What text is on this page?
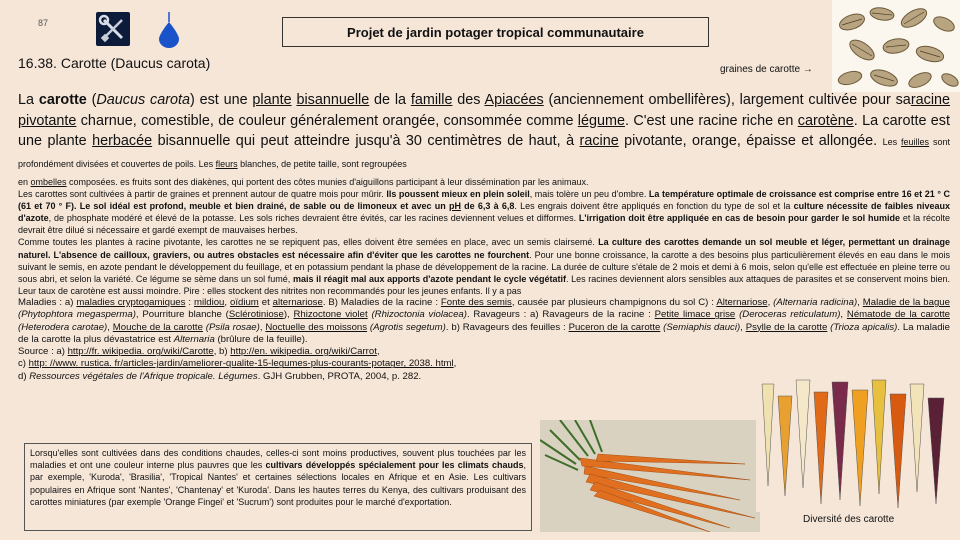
87
Projet de jardin potager tropical communautaire
16.38. Carotte (Daucus carota)	graines de carotte →
La carotte (Daucus carota) est une plante bisannuelle de la famille des Apiacées (anciennement ombellifères), largement cultivée pour saracine pivotante charnue, comestible, de couleur généralement orangée, consommée comme légume. C'est une racine riche en carotène. La carotte est une plante herbacée bisannuelle qui peut atteindre jusqu'à 30 centimètres de haut, à racine pivotante, orange, épaisse et allongée. Les feuilles sont profondément divisées et couvertes de poils. Les fleurs blanches, de petite taille, sont regroupées
en ombelles composées. es fruits sont des diakènes, qui portent des côtes munies d'aiguillons participant à leur dissémination par les animaux.
Les carottes sont cultivées à partir de graines et prennent autour de quatre mois pour mûrir. Ils poussent mieux en plein soleil, mais tolère un peu d'ombre. La température optimale de croissance est comprise entre 16 et 21 ° C (61 et 70 ° F). Le sol idéal est profond, meuble et bien drainé, de sable ou de limoneux et avec un pH de 6,3 à 6,8. Les engrais doivent être appliqués en fonction du type de sol et la culture nécessite de faibles niveaux d'azote, de phosphate modéré et élevé de la potasse. Les sols riches devraient être évités, car les racines deviennent velues et difformes. L'irrigation doit être appliquée en cas de besoin pour garder le sol humide et la récolte devrait être dilué si nécessaire et gardé exempt de mauvaises herbes.
Comme toutes les plantes à racine pivotante, les carottes ne se repiquent pas, elles doivent être semées en place, avec un semis clairsemé. La culture des carottes demande un sol meuble et léger, permettant un drainage naturel. L'absence de cailloux, graviers, ou autres obstacles est nécessaire afin d'éviter que les carottes ne fourchent. Pour une bonne croissance, la carotte a des besoins plus particulièrement élevés en eau dans le mois suivant le semis, en azote pendant le développement du feuillage, et en potassium pendant la phase de développement de la racine. La durée de culture s'étale de 2 mois et demi à 6 mois, selon qu'elle est effectuée en pleine terre ou sous abri, et selon la variété. Ce légume se sème dans un sol fumé, mais il réagit mal aux apports d'azote pendant le cycle végétatif. Les racines deviennent alors sensibles aux attaques de parasites et se conservent moins bien. Leur taux de carotène est aussi moindre. Pire : elles stockent des nitrites non recommandés pour les jeunes enfants. Il y a pas
Maladies : a) maladies cryptogamiques : mildiou, oïdium et alternariose. B) Maladies de la racine : Fonte des semis, causée par plusieurs champignons du sol C) : Alternariose, (Alternaria radicina), Maladie de la bague (Phytophtora megasperma), Pourriture blanche (Sclérotiniose), Rhizoctone violet (Rhizoctonia violacea). Ravageurs : a) Ravageurs de la racine : Petite limace grise (Deroceras reticulatum), Nématode de la carotte (Heterodera carotae), Mouche de la carotte (Psila rosae), Noctuelle des moissons (Agrotis segetum). b) Ravageurs des feuilles : Puceron de la carotte (Semiaphis dauci), Psylle de la carotte (Trioza apicalis). La maladie de la carotte la plus dévastatrice est Alternaria (brûlure de la feuille).
Source : a) http://fr. wikipedia. org/wiki/Carotte, b) http://en. wikipedia. org/wiki/Carrot,
c) http: //www. rustica. fr/articles-jardin/ameliorer-qualite-15-legumes-plus-courants-potager, 2038. html,
d) Ressources végétales de l'Afrique tropicale. Légumes. GJH Grubben, PROTA, 2004, p. 282.
Lorsqu'elles sont cultivées dans des conditions chaudes, celles-ci sont moins productives, souvent plus touchées par les maladies et ont une couleur interne plus pauvres que les cultivars développés spécialement pour les climats chauds, par exemple, 'Kuroda', 'Brasilia', 'Tropical Nantes' et certaines sélections locales en Afrique et en Asie. Les cultivars populaires en Afrique sont 'Nantes', 'Chantenay' et 'Kuroda'. Dans les hautes terres du Kenya, des cultivars produisant des carottes miniatures (par exemple 'Orange Fingei' et 'Sucrum') sont produites pour le marché d'exportation.
Diversité des carotte
